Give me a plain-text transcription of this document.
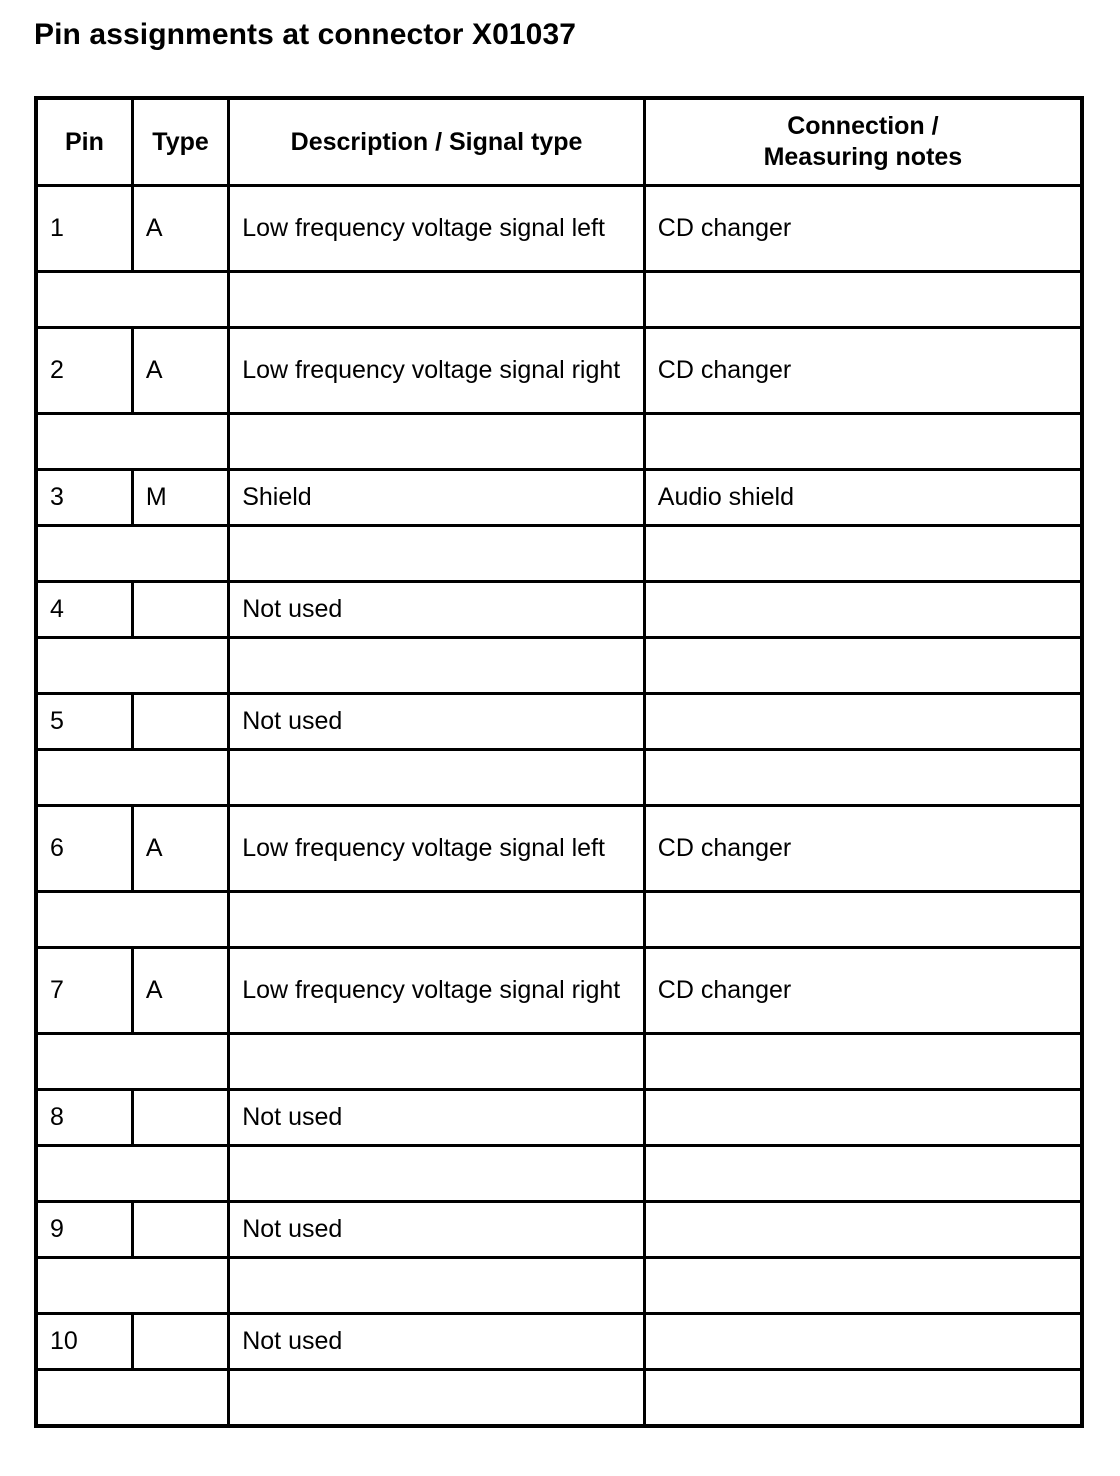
Pin assignments at connector X01037
Pin	Type	Description / Signal type	Connection /
Measuring notes
1	A	Low frequency voltage signal left	CD changer

2	A	Low frequency voltage signal right	CD changer

3	M	Shield	Audio shield

4		Not used	

5		Not used	

6	A	Low frequency voltage signal left	CD changer

7	A	Low frequency voltage signal right	CD changer

8		Not used	

9		Not used	

10		Not used	
